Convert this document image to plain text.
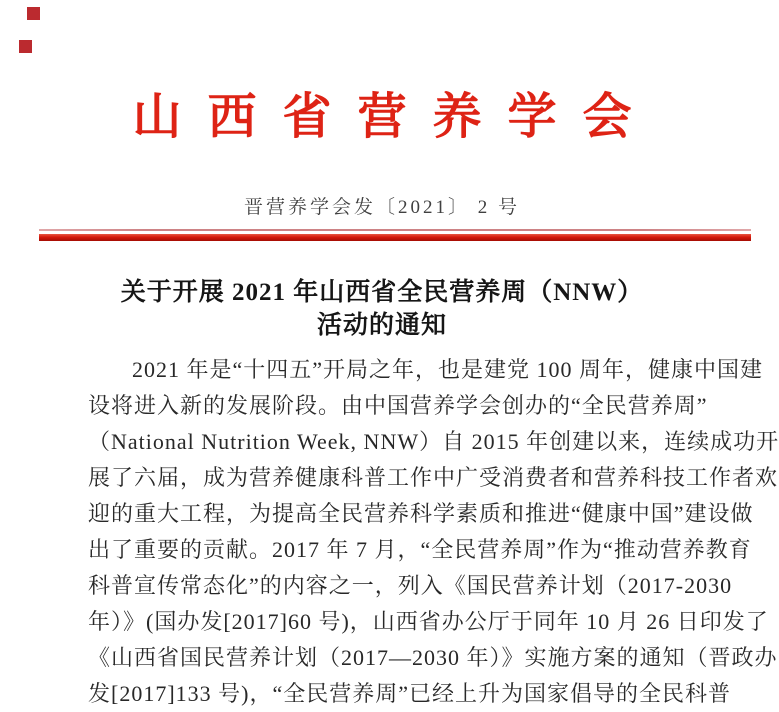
山西省营养学会
晋营养学会发〔2021〕 2 号
关于开展 2021 年山西省全民营养周（NNW）
活动的通知
2021 年是“十四五”开局之年，也是建党 100 周年，健康中国建
设将进入新的发展阶段。由中国营养学会创办的“全民营养周”
（National Nutrition Week, NNW）自 2015 年创建以来，连续成功开
展了六届，成为营养健康科普工作中广受消费者和营养科技工作者欢
迎的重大工程，为提高全民营养科学素质和推进“健康中国”建设做
出了重要的贡献。2017 年 7 月，“全民营养周”作为“推动营养教育
科普宣传常态化”的内容之一，列入《国民营养计划（2017-2030
年）》(国办发[2017]60 号)，山西省办公厅于同年 10 月 26 日印发了
《山西省国民营养计划（2017—2030 年）》实施方案的通知（晋政办
发[2017]133 号)，“全民营养周”已经上升为国家倡导的全民科普
